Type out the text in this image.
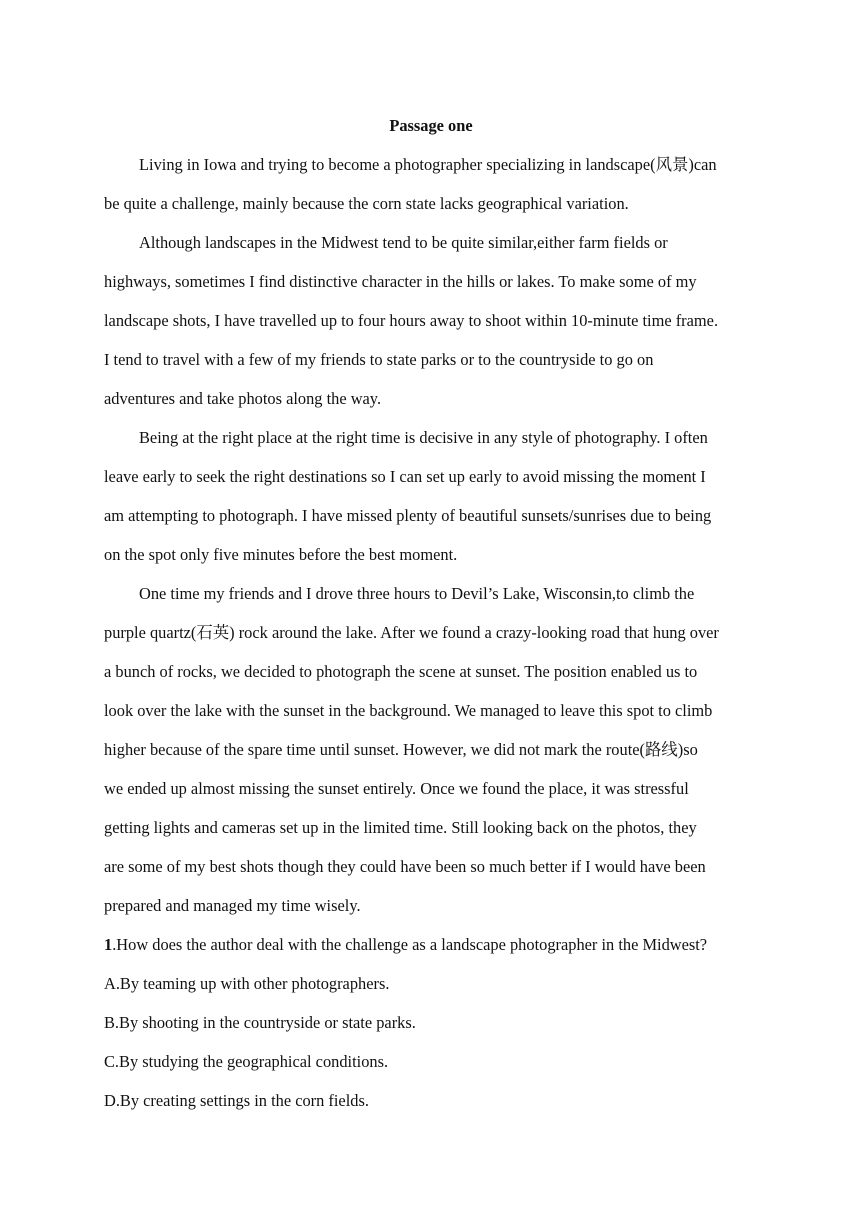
Passage one

Living in Iowa and trying to become a photographer specializing in landscape(风景)can
be quite a challenge, mainly because the corn state lacks geographical variation.

Although landscapes in the Midwest tend to be quite similar,either farm fields or
highways, sometimes I find distinctive character in the hills or lakes. To make some of my
landscape shots, I have travelled up to four hours away to shoot within 10-minute time frame.
I tend to travel with a few of my friends to state parks or to the countryside to go on
adventures and take photos along the way.

Being at the right place at the right time is decisive in any style of photography. I often
leave early to seek the right destinations so I can set up early to avoid missing the moment I
am attempting to photograph. I have missed plenty of beautiful sunsets/sunrises due to being
on the spot only five minutes before the best moment.

One time my friends and I drove three hours to Devil’s Lake, Wisconsin,to climb the
purple quartz(石英) rock around the lake. After we found a crazy-looking road that hung over
a bunch of rocks, we decided to photograph the scene at sunset. The position enabled us to
look over the lake with the sunset in the background. We managed to leave this spot to climb
higher because of the spare time until sunset. However, we did not mark the route(路线)so
we ended up almost missing the sunset entirely. Once we found the place, it was stressful
getting lights and cameras set up in the limited time. Still looking back on the photos, they
are some of my best shots though they could have been so much better if I would have been
prepared and managed my time wisely.

1.How does the author deal with the challenge as a landscape photographer in the Midwest?

A.By teaming up with other photographers.

B.By shooting in the countryside or state parks.

C.By studying the geographical conditions.

D.By creating settings in the corn fields.
